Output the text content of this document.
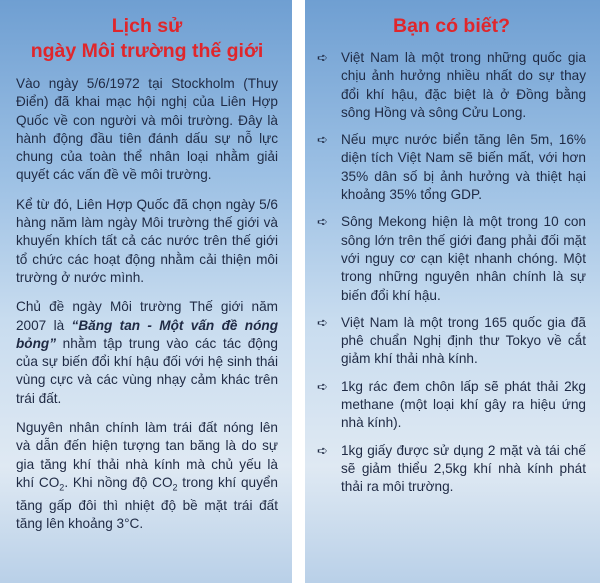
Lịch sử
ngày Môi trường thế giới

Vào ngày 5/6/1972 tại Stockholm (Thuy Điển) đã khai mạc hội nghị của Liên Hợp Quốc về con người và môi trường. Đây là hành động đầu tiên đánh dấu sự nỗ lực chung của toàn thể nhân loại nhằm giải quyết các vấn đề về môi trường.

Kể từ đó, Liên Hợp Quốc đã chọn ngày 5/6 hàng năm làm ngày Môi trường thế giới và khuyến khích tất cả các nước trên thế giới tổ chức các hoạt động nhằm cải thiện môi trường ở nước mình.

Chủ đề ngày Môi trường Thế giới năm 2007 là “Băng tan - Một vấn đề nóng bỏng” nhằm tập trung vào các tác động của sự biến đổi khí hậu đối với hệ sinh thái vùng cực và các vùng nhạy cảm khác trên trái đất.

Nguyên nhân chính làm trái đất nóng lên và dẫn đến hiện tượng tan băng là do sự gia tăng khí thải nhà kính mà chủ yếu là khí $CO_2$. Khi nồng độ $CO_2$ trong khí quyển tăng gấp đôi thì nhiệt độ bề mặt trái đất tăng lên khoảng 3°C.

Bạn có biết?
➪ Việt Nam là một trong những quốc gia chịu ảnh hưởng nhiều nhất do sự thay đổi khí hậu, đặc biệt là ở Đồng bằng sông Hồng và sông Cửu Long.
➪ Nếu mực nước biển tăng lên 5m, 16% diện tích Việt Nam sẽ biến mất, với hơn 35% dân số bị ảnh hưởng và thiệt hại khoảng 35% tổng GDP.
➪ Sông Mekong hiện là một trong 10 con sông lớn trên thế giới đang phải đối mặt với nguy cơ cạn kiệt nhanh chóng. Một trong những nguyên nhân chính là sự biến đổi khí hậu.
➪ Việt Nam là một trong 165 quốc gia đã phê chuẩn Nghị định thư Tokyo về cắt giảm khí thải nhà kính.
➪ 1kg rác đem chôn lấp sẽ phát thải 2kg methane (một loại khí gây ra hiệu ứng nhà kính).
➪ 1kg giấy được sử dụng 2 mặt và tái chế sẽ giảm thiểu 2,5kg khí nhà kính phát thải ra môi trường.
